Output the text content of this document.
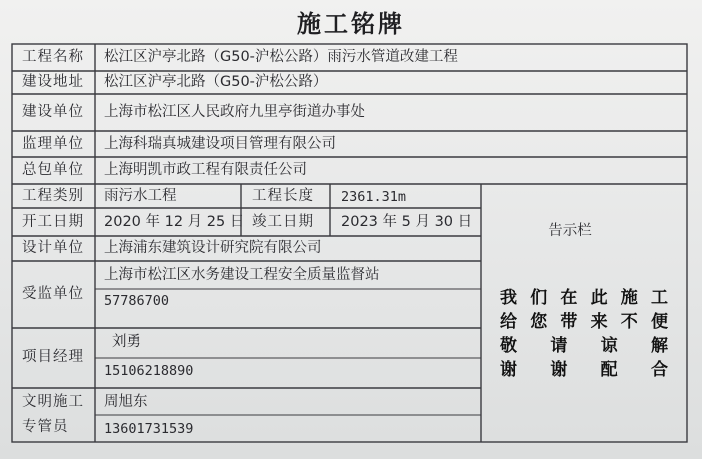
施工铭牌
工程名称
建设地址
建设单位
监理单位
总包单位
工程类别
开工日期
设计单位
受监单位
项目经理
文明施工
专管员
松江区沪亭北路（G50-沪松公路）雨污水管道改建工程
松江区沪亭北路（G50-沪松公路）
上海市松江区人民政府九里亭街道办事处
上海科瑞真城建设项目管理有限公司
上海明凯市政工程有限责任公司
雨污水工程	工程长度 2361.31m
2020 年 12 月 25 日 竣工日期 2023 年 5 月 30 日
上海浦东建筑设计研究院有限公司
上海市松江区水务建设工程安全质量监督站
57786700
刘勇
15106218890
周旭东
13601731539
告示栏
我们在此施工
给您带来不便
敬请谅解
谢谢配合
